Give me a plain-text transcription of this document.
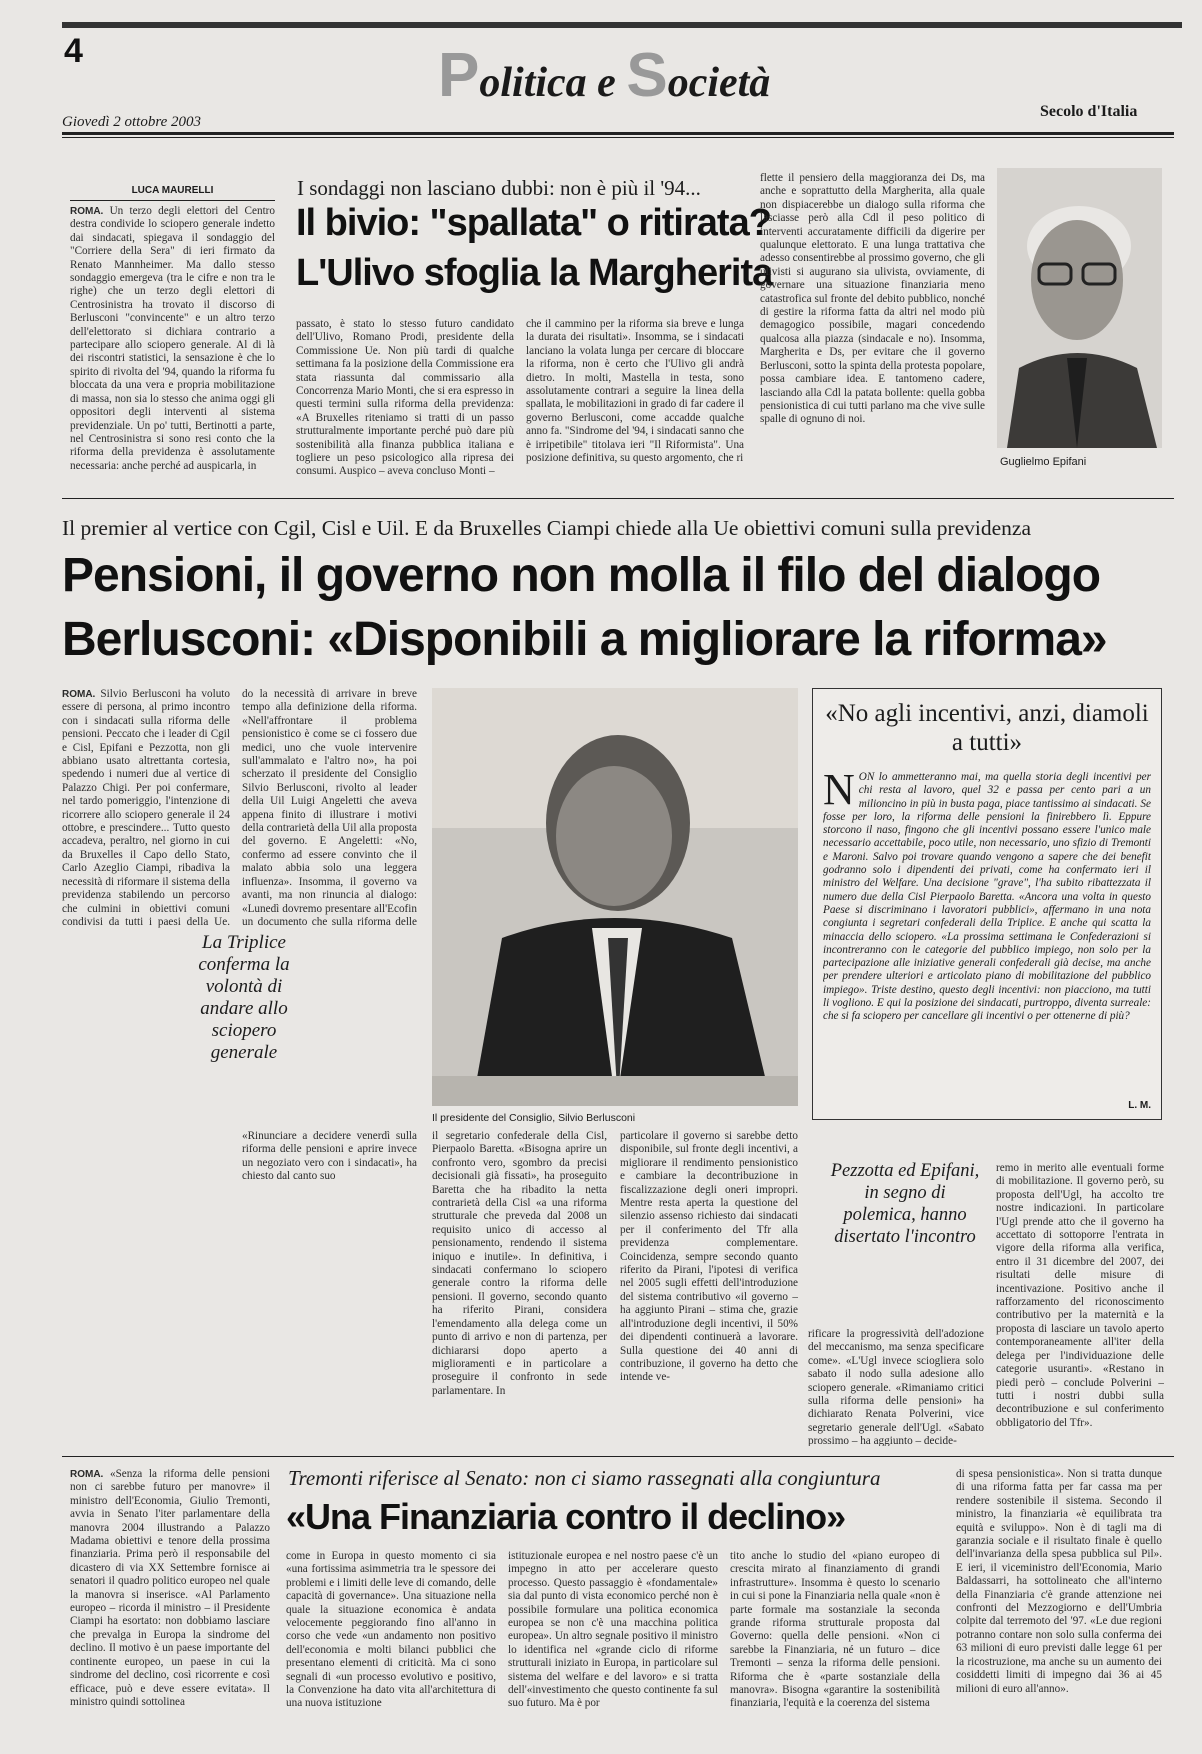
4	Politica e Società
Giovedì 2 ottobre 2003
Secolo d'Italia
LUCA MAURELLI
ROMA. Un terzo degli elettori del Centro destra condivide lo sciopero generale indetto dai sindacati, spiegava il sondaggio del "Corriere della Sera" di ieri firmato da Renato Mannheimer. Ma dallo stesso sondaggio emergeva (tra le cifre e non tra le righe) che un terzo degli elettori di Centrosinistra ha trovato il discorso di Berlusconi "convincente" e un altro terzo dell'elettorato si dichiara contrario a partecipare allo sciopero generale. Al di là dei riscontri statistici, la sensazione è che lo spirito di rivolta del '94, quando la riforma fu bloccata da una vera e propria mobilitazione di massa, non sia lo stesso che anima oggi gli oppositori degli interventi al sistema previdenziale. Un po' tutti, Bertinotti a parte, nel Centrosinistra si sono resi conto che la riforma della previdenza è assolutamente necessaria: anche perché ad auspicarla, in
I sondaggi non lasciano dubbi: non è più il '94...
Il bivio: "spallata" o ritirata?
L'Ulivo sfoglia la Margherita
passato, è stato lo stesso futuro candidato dell'Ulivo, Romano Prodi, presidente della Commissione Ue. Non più tardi di qualche settimana fa la posizione della Commissione era stata riassunta dal commissario alla Concorrenza Mario Monti, che si era espresso in questi termini sulla riforma della previdenza: «A Bruxelles riteniamo si tratti di un passo strutturalmente importante perché può dare più sostenibilità alla finanza pubblica italiana e togliere un peso psicologico alla ripresa dei consumi. Auspico – aveva concluso Monti –
che il cammino per la riforma sia breve e lunga la durata dei risultati». Insomma, se i sindacati lanciano la volata lunga per cercare di bloccare la riforma, non è certo che l'Ulivo gli andrà dietro. In molti, Mastella in testa, sono assolutamente contrari a seguire la linea della spallata, le mobilitazioni in grado di far cadere il governo Berlusconi, come accadde qualche anno fa. "Sindrome del '94, i sindacati sanno che è irripetibile" titolava ieri "Il Riformista". Una posizione definitiva, su questo argomento, che ri
flette il pensiero della maggioranza dei Ds, ma anche e soprattutto della Margherita, alla quale non dispiacerebbe un dialogo sulla riforma che lasciasse però alla Cdl il peso politico di interventi accuratamente difficili da digerire per qualunque elettorato. E una lunga trattativa che adesso consentirebbe al prossimo governo, che gli ulivisti si augurano sia ulivista, ovviamente, di governare una situazione finanziaria meno catastrofica sul fronte del debito pubblico, nonché di gestire la riforma fatta da altri nel modo più demagogico possibile, magari concedendo qualcosa alla piazza (sindacale e no). Insomma, Margherita e Ds, per evitare che il governo Berlusconi, sotto la spinta della protesta popolare, possa cambiare idea. E tantomeno cadere, lasciando alla Cdl la patata bollente: quella gobba pensionistica di cui tutti parlano ma che vive sulle spalle di ognuno di noi.
Guglielmo Epifani
Il premier al vertice con Cgil, Cisl e Uil. E da Bruxelles Ciampi chiede alla Ue obiettivi comuni sulla previdenza
Pensioni, il governo non molla il filo del dialogo
Berlusconi: «Disponibili a migliorare la riforma»
ROMA. Silvio Berlusconi ha voluto essere di persona, al primo incontro con i sindacati sulla riforma delle pensioni. Peccato che i leader di Cgil e Cisl, Epifani e Pezzotta, non gli abbiano usato altrettanta cortesia, spedendo i numeri due al vertice di Palazzo Chigi. Per poi confermare, nel tardo pomeriggio, l'intenzione di ricorrere allo sciopero generale il 24 ottobre, e prescindere... Tutto questo accadeva, peraltro, nel giorno in cui da Bruxelles il Capo dello Stato, Carlo Azeglio Ciampi, ribadiva la necessità di riformare il sistema della previdenza stabilendo un percorso che culmini in obiettivi comuni condivisi da tutti i paesi della Ue.
do la necessità di arrivare in breve tempo alla definizione della riforma. «Nell'affrontare il problema pensionistico è come se ci fossero due medici, uno che vuole intervenire sull'ammalato e l'altro no», ha poi scherzato il presidente del Consiglio Silvio Berlusconi, rivolto al leader della Uil Luigi Angeletti che aveva appena finito di illustrare i motivi della contrarietà della Uil alla proposta del governo. E Angeletti: «No, confermo ad essere convinto che il malato abbia solo una leggera influenza». Insomma, il governo va avanti, ma non rinuncia al dialogo: «Lunedì dovremo presentare all'Ecofin un documento che sulla riforma delle
«Rinunciare a decidere venerdì sulla riforma delle pensioni e aprire invece un negoziato vero con i sindacati», ha chiesto dal canto suo
La Triplice conferma la volontà di andare allo sciopero generale
Il presidente del Consiglio, Silvio Berlusconi
«No agli incentivi, anzi, diamoli a tutti»
NON lo ammetteranno mai, ma quella storia degli incentivi per chi resta al lavoro, quel 32 e passa per cento pari a un milioncino in più in busta paga, piace tantissimo ai sindacati. Se fosse per loro, la riforma delle pensioni la finirebbero lì. Eppure storcono il naso, fingono che gli incentivi possano essere l'unico male necessario accettabile, poco utile, non necessario, uno sfizio di Tremonti e Maroni. Salvo poi trovare quando vengono a sapere che dei benefit godranno solo i dipendenti dei privati, come ha confermato ieri il ministro del Welfare. Una decisione "grave", l'ha subito ribattezzata il numero due della Cisl Pierpaolo Baretta. «Ancora una volta in questo Paese si discriminano i lavoratori pubblici», affermano in una nota congiunta i segretari confederali della Triplice. E anche qui scatta la minaccia dello sciopero. «La prossima settimana le Confederazioni si incontreranno con le categorie del pubblico impiego, non solo per la partecipazione alle iniziative generali confederali già decise, ma anche per prendere ulteriori e articolato piano di mobilitazione del pubblico impiego». Triste destino, questo degli incentivi: non piacciono, ma tutti li vogliono. E qui la posizione dei sindacati, purtroppo, diventa surreale: che si fa sciopero per cancellare gli incentivi o per ottenerne di più?
L. M.
il segretario confederale della Cisl, Pierpaolo Baretta. «Bisogna aprire un confronto vero, sgombro da precisi decisionali già fissati», ha proseguito Baretta che ha ribadito la netta contrarietà della Cisl «a una riforma strutturale che preveda dal 2008 un requisito unico di accesso al pensionamento, rendendo il sistema iniquo e inutile». In definitiva, i sindacati confermano lo sciopero generale contro la riforma delle pensioni. Il governo, secondo quanto ha riferito Pirani, considera l'emendamento alla delega come un punto di arrivo e non di partenza, per dichiararsi dopo aperto a miglioramenti e in particolare a proseguire il confronto in sede parlamentare. In
particolare il governo si sarebbe detto disponibile, sul fronte degli incentivi, a migliorare il rendimento pensionistico e cambiare la decontribuzione in fiscalizzazione degli oneri impropri. Mentre resta aperta la questione del silenzio assenso richiesto dai sindacati per il conferimento del Tfr alla previdenza complementare. Coincidenza, sempre secondo quanto riferito da Pirani, l'ipotesi di verifica nel 2005 sugli effetti dell'introduzione del sistema contributivo «il governo – ha aggiunto Pirani – stima che, grazie all'introduzione degli incentivi, il 50% dei dipendenti continuerà a lavorare. Sulla questione dei 40 anni di contribuzione, il governo ha detto che intende ve-
Pezzotta ed Epifani, in segno di polemica, hanno disertato l'incontro
rificare la progressività dell'adozione del meccanismo, ma senza specificare come». «L'Ugl invece sciogliera solo sabato il nodo sulla adesione allo sciopero generale. «Rimaniamo critici sulla riforma delle pensioni» ha dichiarato Renata Polverini, vice segretario generale dell'Ugl. «Sabato prossimo – ha aggiunto – decide-
remo in merito alle eventuali forme di mobilitazione. Il governo però, su proposta dell'Ugl, ha accolto tre nostre indicazioni. In particolare l'Ugl prende atto che il governo ha accettato di sottoporre l'entrata in vigore della riforma alla verifica, entro il 31 dicembre del 2007, dei risultati delle misure di incentivazione. Positivo anche il rafforzamento del riconoscimento contributivo per la maternità e la proposta di lasciare un tavolo aperto contemporaneamente all'iter della delega per l'individuazione delle categorie usuranti». «Restano in piedi però – conclude Polverini – tutti i nostri dubbi sulla decontribuzione e sul conferimento obbligatorio del Tfr».
ROMA. «Senza la riforma delle pensioni non ci sarebbe futuro per manovre» il ministro dell'Economia, Giulio Tremonti, avvia in Senato l'iter parlamentare della manovra 2004 illustrando a Palazzo Madama obiettivi e tenore della prossima finanziaria. Prima però il responsabile del dicastero di via XX Settembre fornisce ai senatori il quadro politico europeo nel quale la manovra si inserisce. «Al Parlamento europeo – ricorda il ministro – il Presidente Ciampi ha esortato: non dobbiamo lasciare che prevalga in Europa la sindrome del declino. Il motivo è un paese importante del continente europeo, un paese in cui la sindrome del declino, così ricorrente e così efficace, può e deve essere evitata». Il ministro quindi sottolinea
Tremonti riferisce al Senato: non ci siamo rassegnati alla congiuntura
«Una Finanziaria contro il declino»
come in Europa in questo momento ci sia «una fortissima asimmetria tra le spessore dei problemi e i limiti delle leve di comando, delle capacità di governance». Una situazione nella quale la situazione economica è andata velocemente peggiorando fino all'anno in corso che vede «un andamento non positivo dell'economia e molti bilanci pubblici che presentano elementi di criticità. Ma ci sono segnali di «un processo evolutivo e positivo, la Convenzione ha dato vita all'architettura di una nuova istituzione
istituzionale europea e nel nostro paese c'è un impegno in atto per accelerare questo processo. Questo passaggio è «fondamentale» sia dal punto di vista economico perché non è possibile formulare una politica economica europea se non c'è una macchina politica europea». Un altro segnale positivo il ministro lo identifica nel «grande ciclo di riforme strutturali iniziato in Europa, in particolare sul sistema del welfare e del lavoro» e si tratta dell'«investimento che questo continente fa sul suo futuro. Ma è por
tito anche lo studio del «piano europeo di crescita mirato al finanziamento di grandi infrastrutture». Insomma è questo lo scenario in cui si pone la Finanziaria nella quale «non è parte formale ma sostanziale la seconda grande riforma strutturale proposta dal Governo: quella delle pensioni. «Non ci sarebbe la Finanziaria, né un futuro – dice Tremonti – senza la riforma delle pensioni. Riforma che è «parte sostanziale della manovra». Bisogna «garantire la sostenibilità finanziaria, l'equità e la coerenza del sistema
di spesa pensionistica». Non si tratta dunque di una riforma fatta per far cassa ma per rendere sostenibile il sistema. Secondo il ministro, la finanziaria «è equilibrata tra equità e sviluppo». Non è di tagli ma di garanzia sociale e il risultato finale è quello dell'invarianza della spesa pubblica sul Pil». E ieri, il viceministro dell'Economia, Mario Baldassarri, ha sottolineato che all'interno della Finanziaria c'è grande attenzione nei confronti del Mezzogiorno e dell'Umbria colpite dal terremoto del '97. «Le due regioni potranno contare non solo sulla conferma dei 63 milioni di euro previsti dalle legge 61 per la ricostruzione, ma anche su un aumento dei cosiddetti limiti di impegno dai 36 ai 45 milioni di euro all'anno».
